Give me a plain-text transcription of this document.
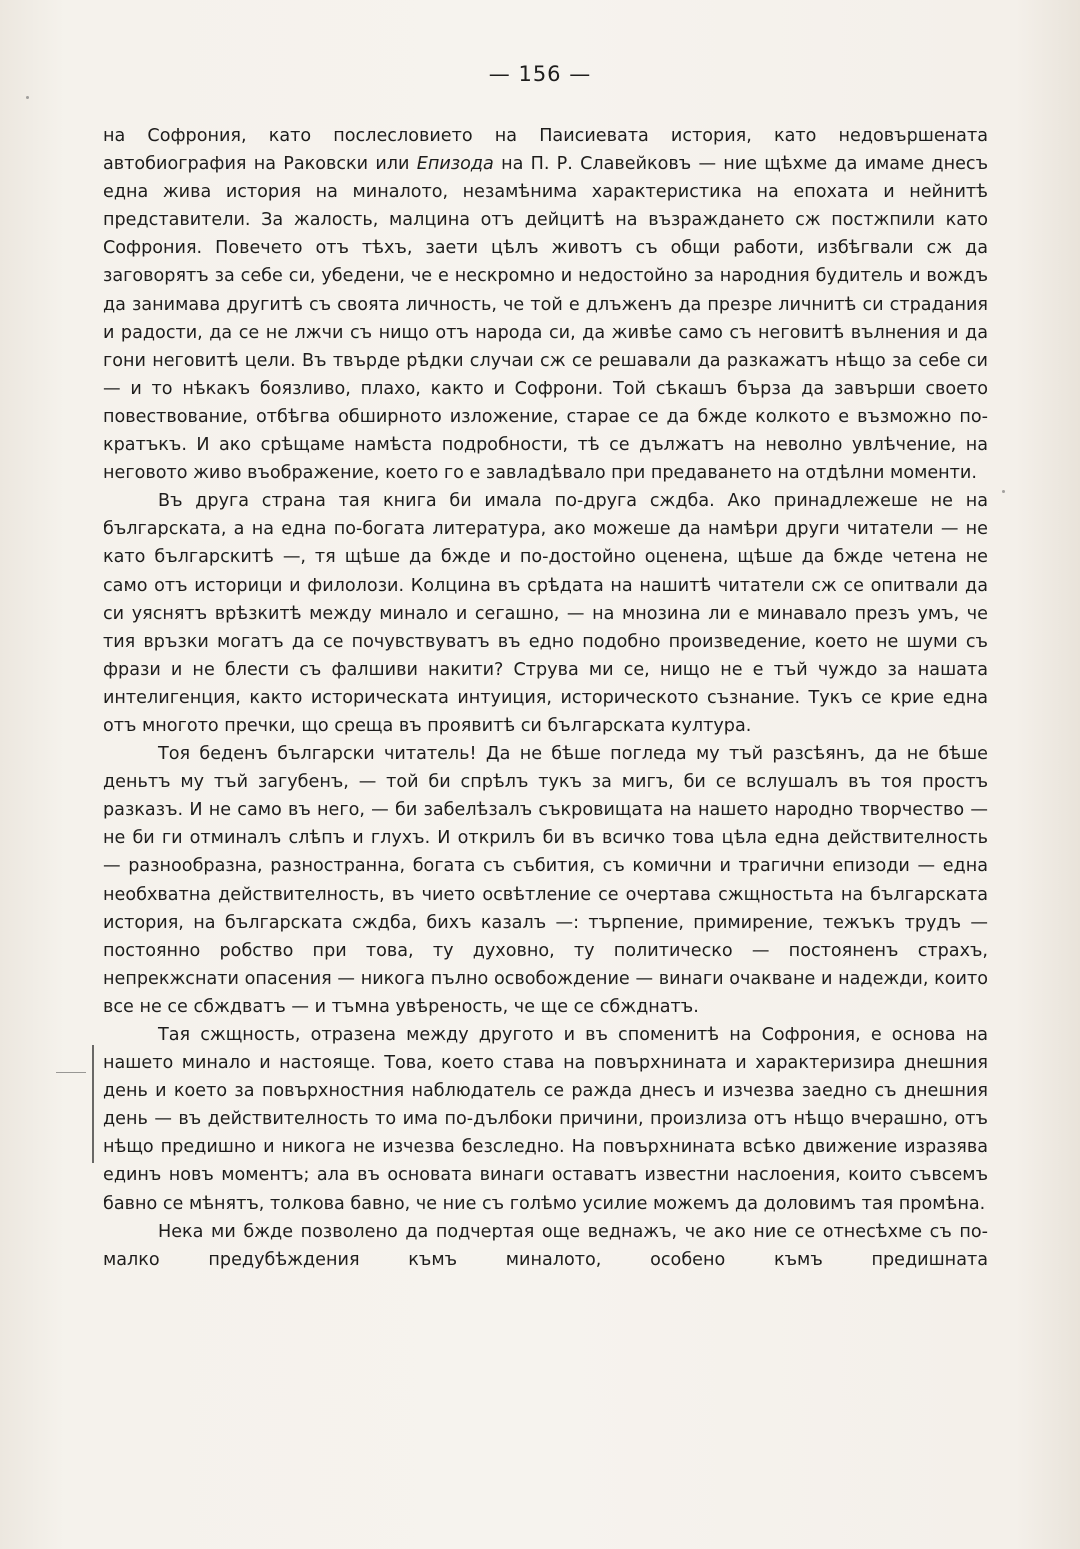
— 156 —

на Софрония, като послесловието на Паисиевата история, като недовършената автобиография на Раковски или Епизода на П. Р. Славейковъ — ние щѣхме да имаме днесъ една жива история на миналото, незамѣнима характеристика на епохата и нейнитѣ представители. За жалость, малцина отъ дейцитѣ на възраждането сж постжпили като Софрония. Повечето отъ тѣхъ, заети цѣлъ животъ съ общи работи, избѣгвали сж да заговорятъ за себе си, убедени, че е нескромно и недостойно за народния будитель и вождъ да занимава другитѣ съ своята личность, че той е длъженъ да презре личнитѣ си страдания и радости, да се не лжчи съ нищо отъ народа си, да живѣе само съ неговитѣ вълнения и да гони неговитѣ цели. Въ твърде рѣдки случаи сж се решавали да разкажатъ нѣщо за себе си — и то нѣкакъ боязливо, плахо, както и Софрони. Той сѣкашъ бърза да завърши своето повествование, отбѣгва обширното изложение, старае се да бжде колкото е възможно по-кратъкъ. И ако срѣщаме намѣста подробности, тѣ се дължатъ на неволно увлѣчение, на неговото живо въображение, което го е завладѣвало при предаването на отдѣлни моменти.

Въ друга страна тая книга би имала по-друга сждба. Ако принадлежеше не на българската, а на една по-богата литература, ако можеше да намѣри други читатели — не като българскитѣ —, тя щѣше да бжде и по-достойно оценена, щѣше да бжде четена не само отъ историци и филолози. Колцина въ срѣдата на нашитѣ читатели сж се опитвали да си уяснятъ врѣзкитѣ между минало и сегашно, — на мнозина ли е минавало презъ умъ, че тия връзки могатъ да се почувствуватъ въ едно подобно произведение, което не шуми съ фрази и не блести съ фалшиви накити? Струва ми се, нищо не е тъй чуждо за нашата интелигенция, както историческата интуиция, историческото съзнание. Тукъ се крие една отъ многото пречки, що среща въ проявитѣ си българската култура.

Тоя беденъ български читатель! Да не бѣше погледа му тъй разсѣянъ, да не бѣше деньтъ му тъй загубенъ, — той би спрѣлъ тукъ за мигъ, би се вслушалъ въ тоя простъ разказъ. И не само въ него, — би забелѣзалъ съкровищата на нашето народно творчество — не би ги отминалъ слѣпъ и глухъ. И открилъ би въ всичко това цѣла една действителность — разнообразна, разностранна, богата съ събития, съ комични и трагични епизоди — една необхватна действителность, въ чието освѣтление се очертава сжщностьта на българската история, на българската сждба, бихъ казалъ —: търпение, примирение, тежъкъ трудъ — постоянно робство при това, ту духовно, ту политическо — постояненъ страхъ, непрекжснати опасения — никога пълно освобождение — винаги очакване и надежди, които все не се сбждватъ — и тъмна увѣреность, че ще се сбжднатъ.

Тая сжщность, отразена между другото и въ споменитѣ на Софрония, е основа на нашето минало и настояще. Това, което става на повърхнината и характеризира днешния день и което за повърхностния наблюдатель се ражда днесъ и изчезва заедно съ днешния день — въ действителность то има по-дълбоки причини, произлиза отъ нѣщо вчерашно, отъ нѣщо предишно и никога не изчезва безследно. На повърхнината всѣко движение изразява единъ новъ моментъ; ала въ основата винаги оставатъ известни наслоения, които съвсемъ бавно се мѣнятъ, толкова бавно, че ние съ голѣмо усилие можемъ да доловимъ тая промѣна.

Нека ми бжде позволено да подчертая още веднажъ, че ако ние се отнесѣхме съ по-малко предубѣждения къмъ миналото, особено къмъ предишната
